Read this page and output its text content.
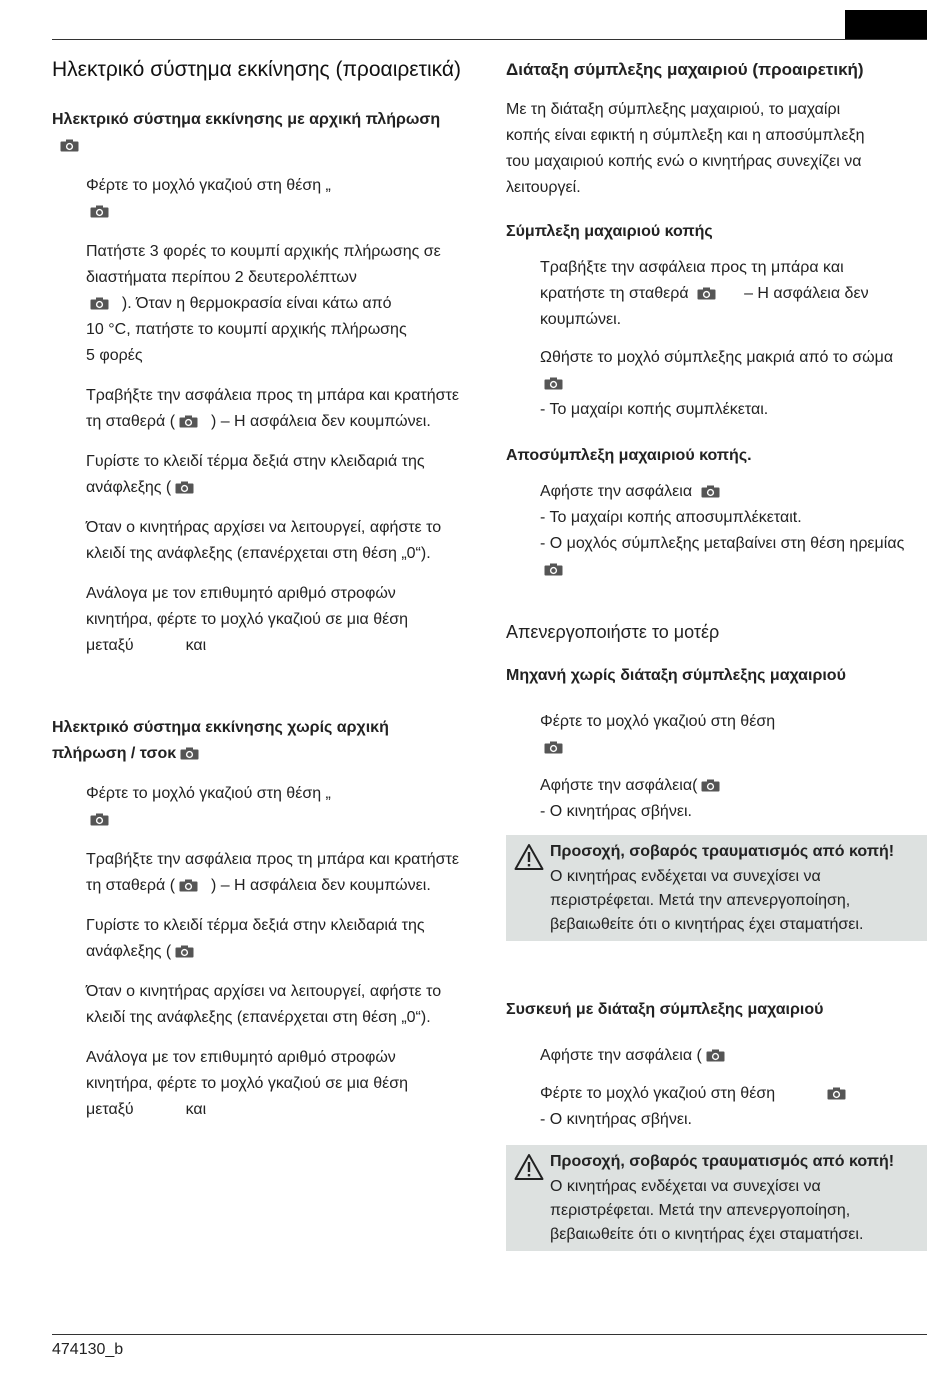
Ηλεκτρικό σύστημα εκκίνησης (προαιρετικά)
Ηλεκτρικό σύστημα εκκίνησης με αρχική πλήρωση
Φέρτε το μοχλό γκαζιού στη θέση „
Πατήστε 3 φορές το κουμπί αρχικής πλήρωσης σε
διαστήματα περίπου 2 δευτερολέπτων
). Όταν η θερμοκρασία είναι κάτω από
10 °C, πατήστε το κουμπί αρχικής πλήρωσης
5 φορές
Τραβήξτε την ασφάλεια προς τη μπάρα και κρατήστε
τη σταθερά ( ) – Η ασφάλεια δεν κουμπώνει.
Γυρίστε το κλειδί τέρμα δεξιά στην κλειδαριά της
ανάφλεξης (
Όταν ο κινητήρας αρχίσει να λειτουργεί, αφήστε το
κλειδί της ανάφλεξης (επανέρχεται στη θέση „0“).
Ανάλογα με τον επιθυμητό αριθμό στροφών
κινητήρα, φέρτε το μοχλό γκαζιού σε μια θέση
μεταξύ	και
Ηλεκτρικό σύστημα εκκίνησης χωρίς αρχική
πλήρωση / τσοκ
Φέρτε το μοχλό γκαζιού στη θέση „
Τραβήξτε την ασφάλεια προς τη μπάρα και κρατήστε
τη σταθερά ( ) – Η ασφάλεια δεν κουμπώνει.
Γυρίστε το κλειδί τέρμα δεξιά στην κλειδαριά της
ανάφλεξης (
Όταν ο κινητήρας αρχίσει να λειτουργεί, αφήστε το
κλειδί της ανάφλεξης (επανέρχεται στη θέση „0“).
Ανάλογα με τον επιθυμητό αριθμό στροφών
κινητήρα, φέρτε το μοχλό γκαζιού σε μια θέση
μεταξύ	και
Διάταξη σύμπλεξης μαχαιριού (προαιρετική)
Με τη διάταξη σύμπλεξης μαχαιριού, το μαχαίρι
κοπής είναι εφικτή η σύμπλεξη και η αποσύμπλεξη
του μαχαιριού κοπής ενώ ο κινητήρας συνεχίζει να
λειτουργεί.
Σύμπλεξη μαχαιριού κοπής
Τραβήξτε την ασφάλεια προς τη μπάρα και
κρατήστε τη σταθερά	– Η ασφάλεια δεν
κουμπώνει.
Ωθήστε το μοχλό σύμπλεξης μακριά από το σώμα
- Το μαχαίρι κοπής συμπλέκεται.
Αποσύμπλεξη μαχαιριού κοπής.
Αφήστε την ασφάλεια
- Το μαχαίρι κοπής αποσυμπλέκεταιt.
- Ο μοχλός σύμπλεξης μεταβαίνει στη θέση ηρεμίας
Απενεργοποιήστε το μοτέρ
Μηχανή χωρίς διάταξη σύμπλεξης μαχαιριού
Φέρτε το μοχλό γκαζιού στη θέση
Αφήστε την ασφάλεια(
- Ο κινητήρας σβήνει.
Προσοχή, σοβαρός τραυματισμός από κοπή!
Ο κινητήρας ενδέχεται να συνεχίσει να
περιστρέφεται. Μετά την απενεργοποίηση,
βεβαιωθείτε ότι ο κινητήρας έχει σταματήσει.
Συσκευή με διάταξη σύμπλεξης μαχαιριού
Αφήστε την ασφάλεια (
Φέρτε το μοχλό γκαζιού στη θέση
- Ο κινητήρας σβήνει.
Προσοχή, σοβαρός τραυματισμός από κοπή!
Ο κινητήρας ενδέχεται να συνεχίσει να
περιστρέφεται. Μετά την απενεργοποίηση,
βεβαιωθείτε ότι ο κινητήρας έχει σταματήσει.
474130_b
